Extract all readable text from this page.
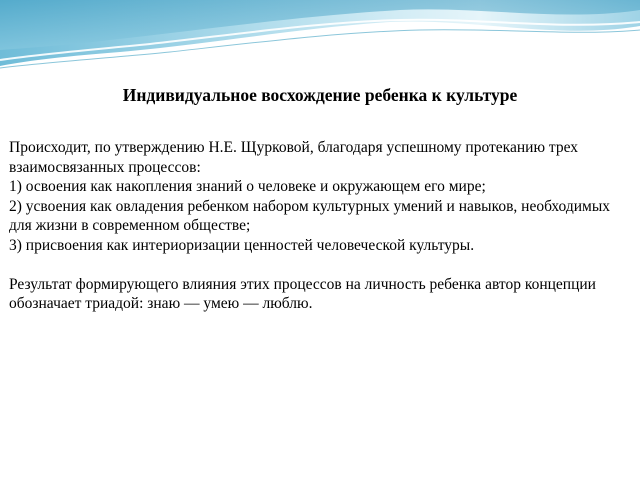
Индивидуальное восхождение ребенка к культуре

Происходит, по утверждению Н.Е. Щурковой, благодаря успешному протеканию трех взаимосвязанных процессов:

1) освоения как накопления знаний о человеке и окружающем его мире;

2) усвоения как овладения ребенком набором культурных умений и навыков, необходимых для жизни в современном обществе;

3) присвоения как интериоризации ценностей человеческой культуры.

Результат формирующего влияния этих процессов на личность ребенка автор концепции обозначает триадой: знаю — умею — люблю.
